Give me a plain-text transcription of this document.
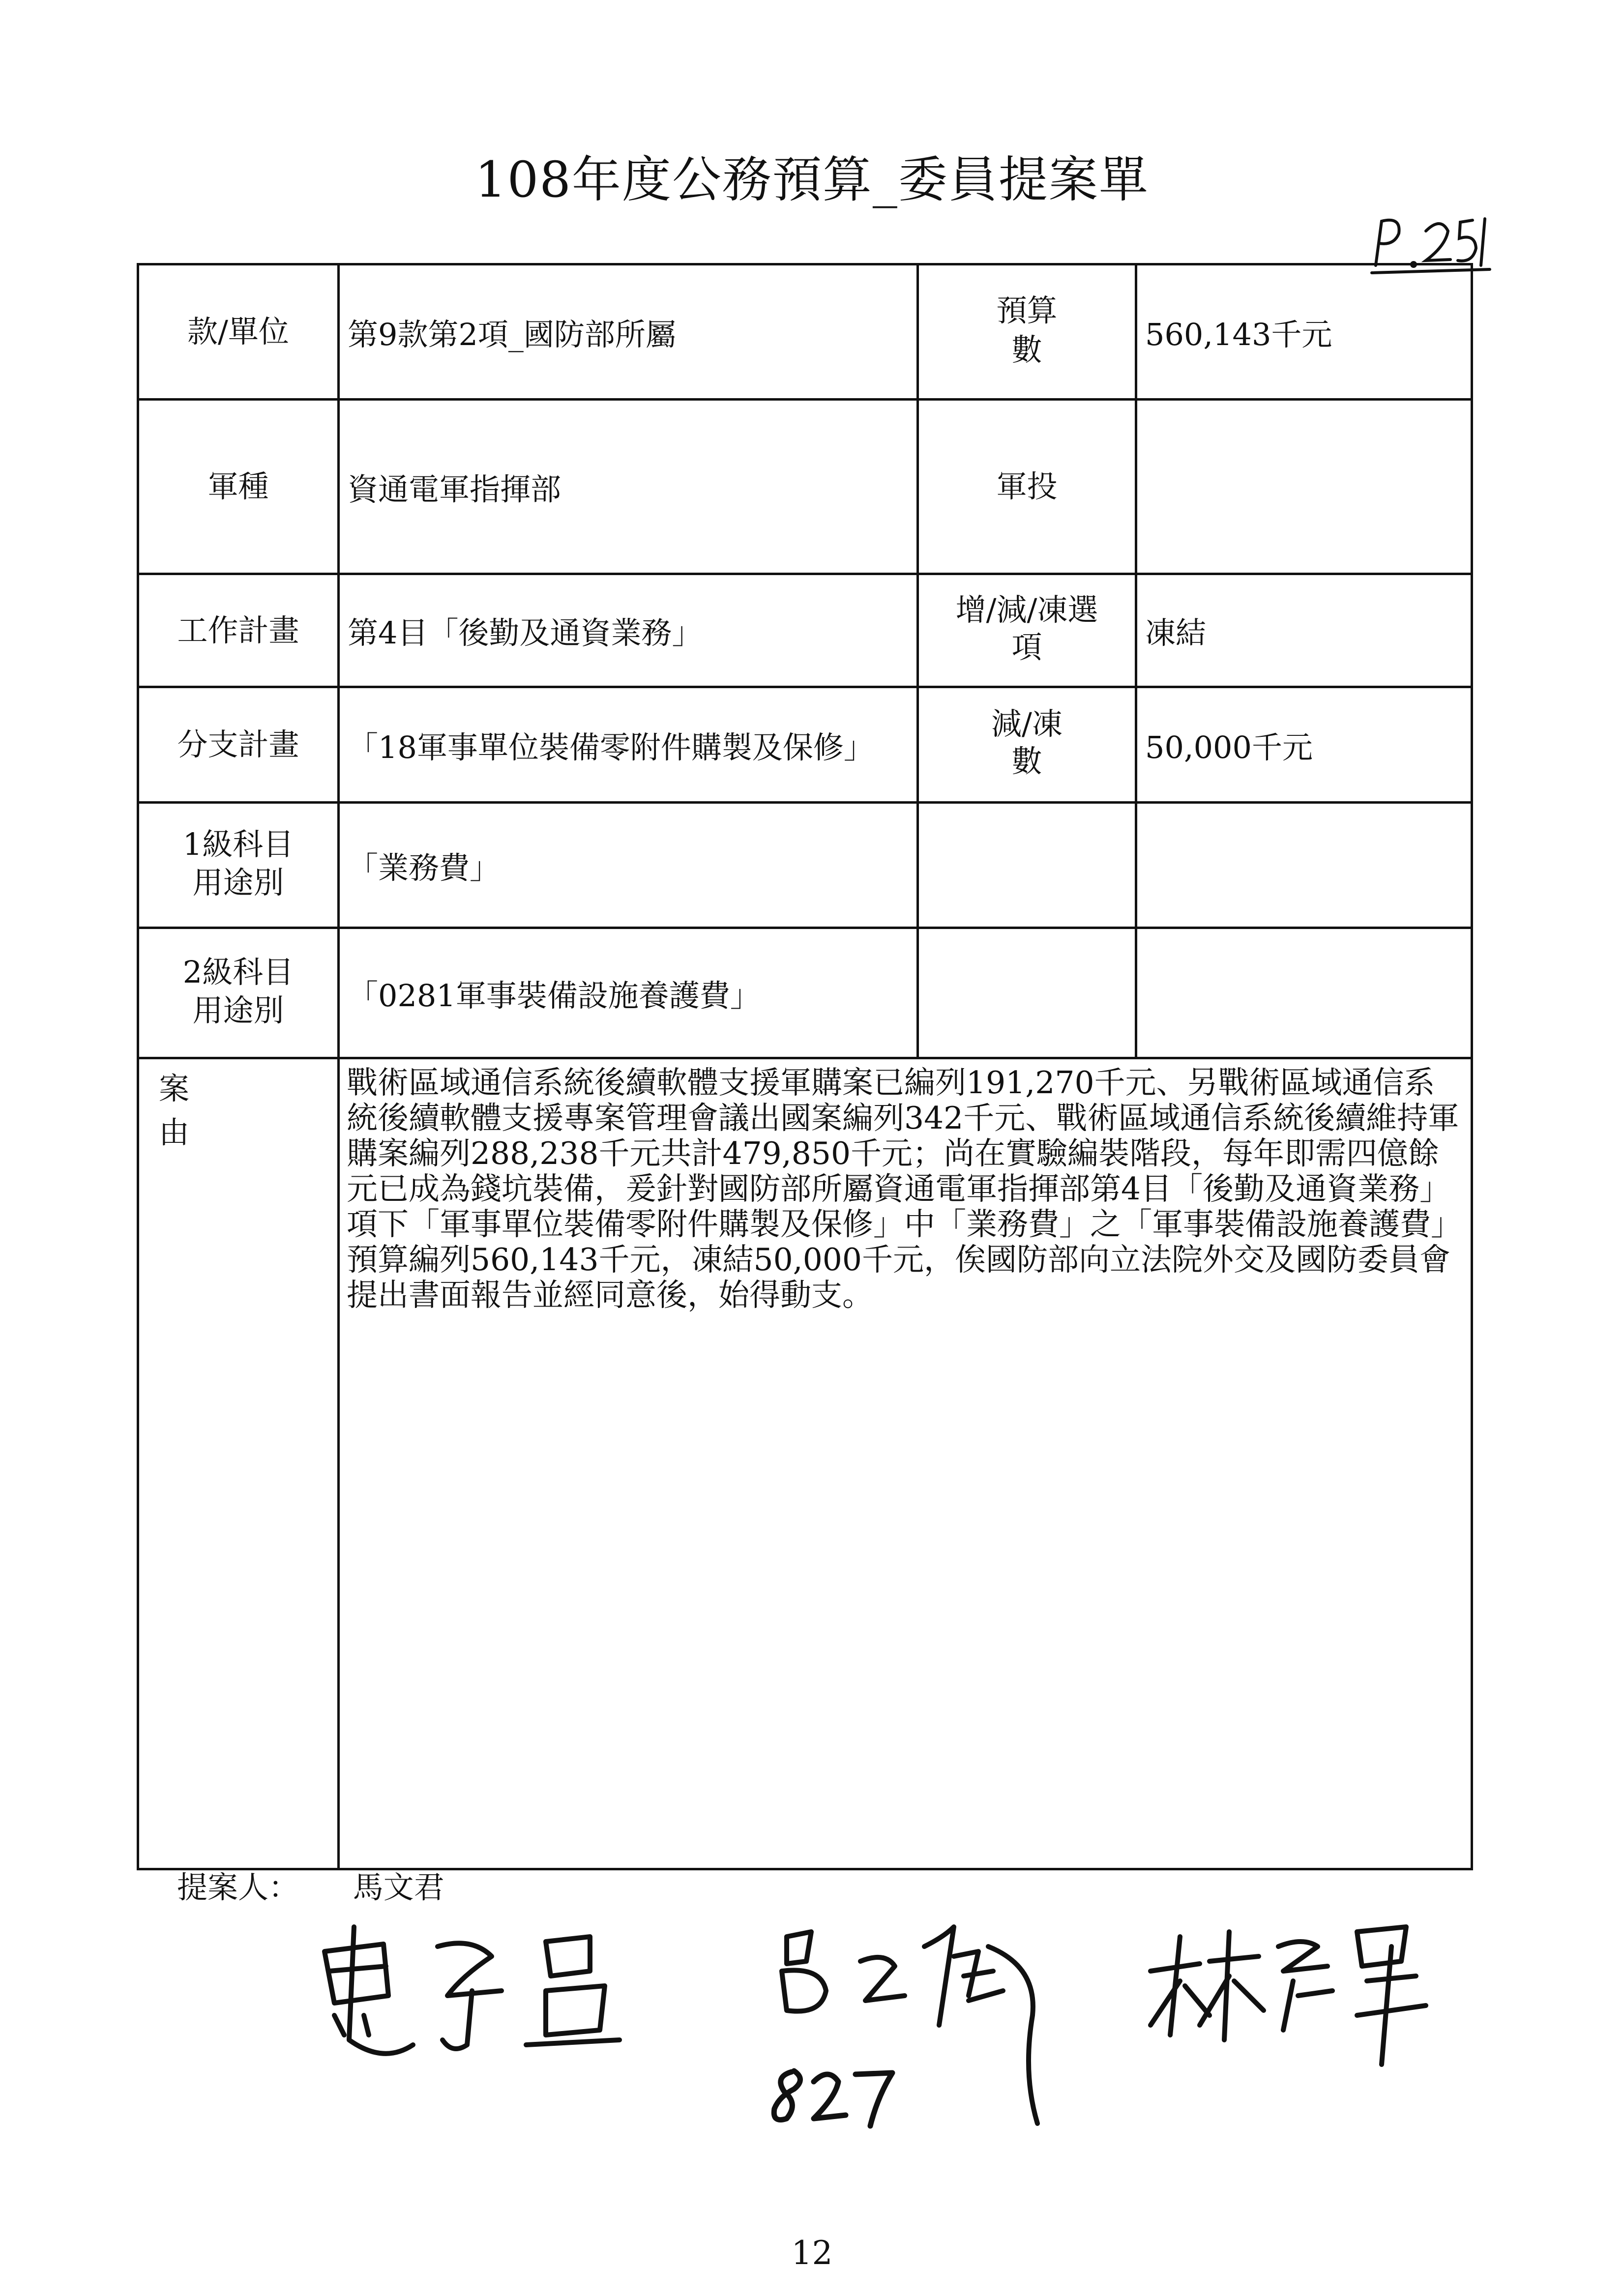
108年度公務預算_委員提案單
款/單位	第9款第2項_國防部所屬	預算數	560,143千元
軍種	資通電軍指揮部	軍投	
工作計畫	第4目「後勤及通資業務」	增/減/凍選項	凍結
分支計畫	「18軍事單位裝備零附件購製及保修」	減/凍數	50,000千元
1級科目用途別	「業務費」		
2級科目用途別	「0281軍事裝備設施養護費」		
案由	戰術區域通信系統後續軟體支援軍購案已編列191,270千元、另戰術區域通信系統後續軟體支援專案管理會議出國案編列342千元、戰術區域通信系統後續維持軍購案編列288,238千元共計479,850千元；尚在實驗編裝階段，每年即需四億餘元已成為錢坑裝備，爰針對國防部所屬資通電軍指揮部第4目「後勤及通資業務」項下「軍事單位裝備零附件購製及保修」中「業務費」之「軍事裝備設施養護費」預算編列560,143千元，凍結50,000千元，俟國防部向立法院外交及國防委員會提出書面報告並經同意後，始得動支。		
提案人： 馬文君
12
